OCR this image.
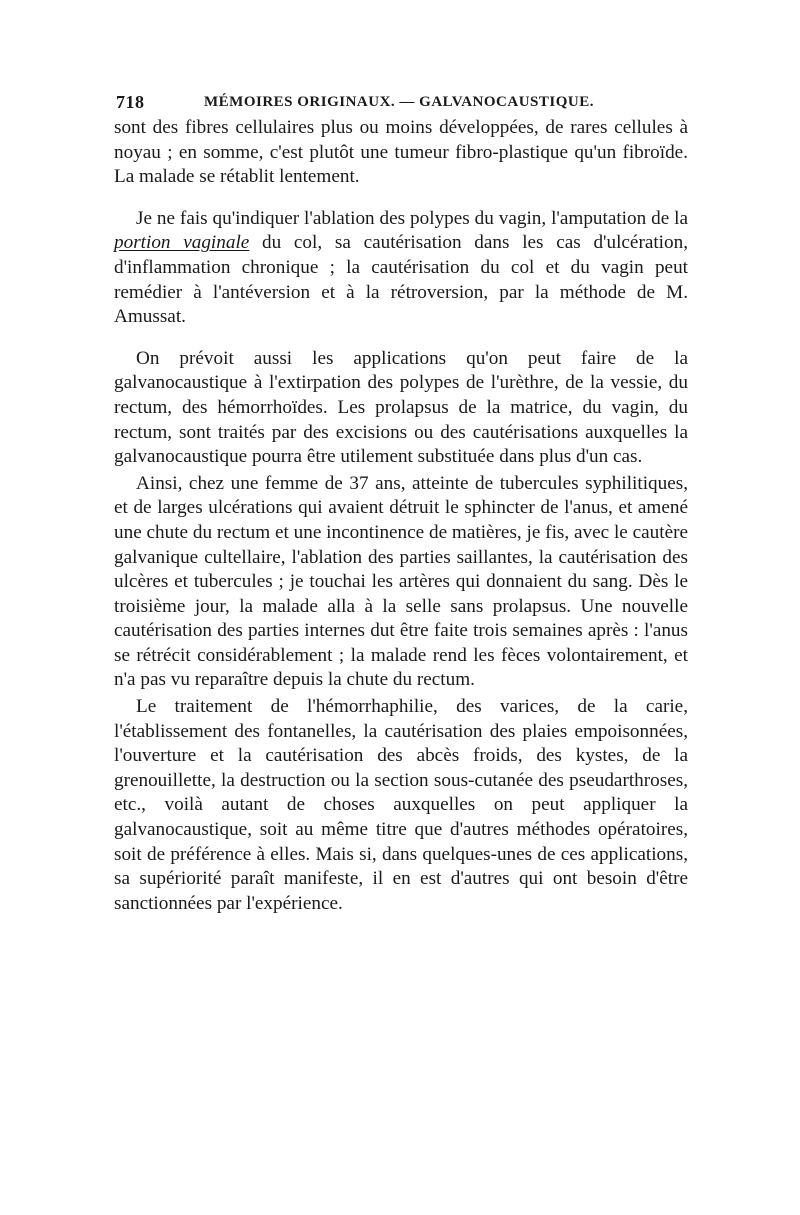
718	MÉMOIRES ORIGINAUX. — GALVANOCAUSTIQUE.

sont des fibres cellulaires plus ou moins développées, de rares cellules à noyau ; en somme, c'est plutôt une tumeur fibro-plastique qu'un fibroïde. La malade se rétablit lentement.

Je ne fais qu'indiquer l'ablation des polypes du vagin, l'amputation de la portion vaginale du col, sa cautérisation dans les cas d'ulcération, d'inflammation chronique ; la cautérisation du col et du vagin peut remédier à l'antéversion et à la rétroversion, par la méthode de M. Amussat.

On prévoit aussi les applications qu'on peut faire de la galvanocaustique à l'extirpation des polypes de l'urèthre, de la vessie, du rectum, des hémorrhoïdes. Les prolapsus de la matrice, du vagin, du rectum, sont traités par des excisions ou des cautérisations auxquelles la galvanocaustique pourra être utilement substituée dans plus d'un cas.

Ainsi, chez une femme de 37 ans, atteinte de tubercules syphilitiques, et de larges ulcérations qui avaient détruit le sphincter de l'anus, et amené une chute du rectum et une incontinence de matières, je fis, avec le cautère galvanique cultellaire, l'ablation des parties saillantes, la cautérisation des ulcères et tubercules ; je touchai les artères qui donnaient du sang. Dès le troisième jour, la malade alla à la selle sans prolapsus. Une nouvelle cautérisation des parties internes dut être faite trois semaines après : l'anus se rétrécit considérablement ; la malade rend les fèces volontairement, et n'a pas vu reparaître depuis la chute du rectum.

Le traitement de l'hémorrhaphilie, des varices, de la carie, l'établissement des fontanelles, la cautérisation des plaies empoisonnées, l'ouverture et la cautérisation des abcès froids, des kystes, de la grenouillette, la destruction ou la section sous-cutanée des pseudarthroses, etc., voilà autant de choses auxquelles on peut appliquer la galvanocaustique, soit au même titre que d'autres méthodes opératoires, soit de préférence à elles. Mais si, dans quelques-unes de ces applications, sa supériorité paraît manifeste, il en est d'autres qui ont besoin d'être sanctionnées par l'expérience.
